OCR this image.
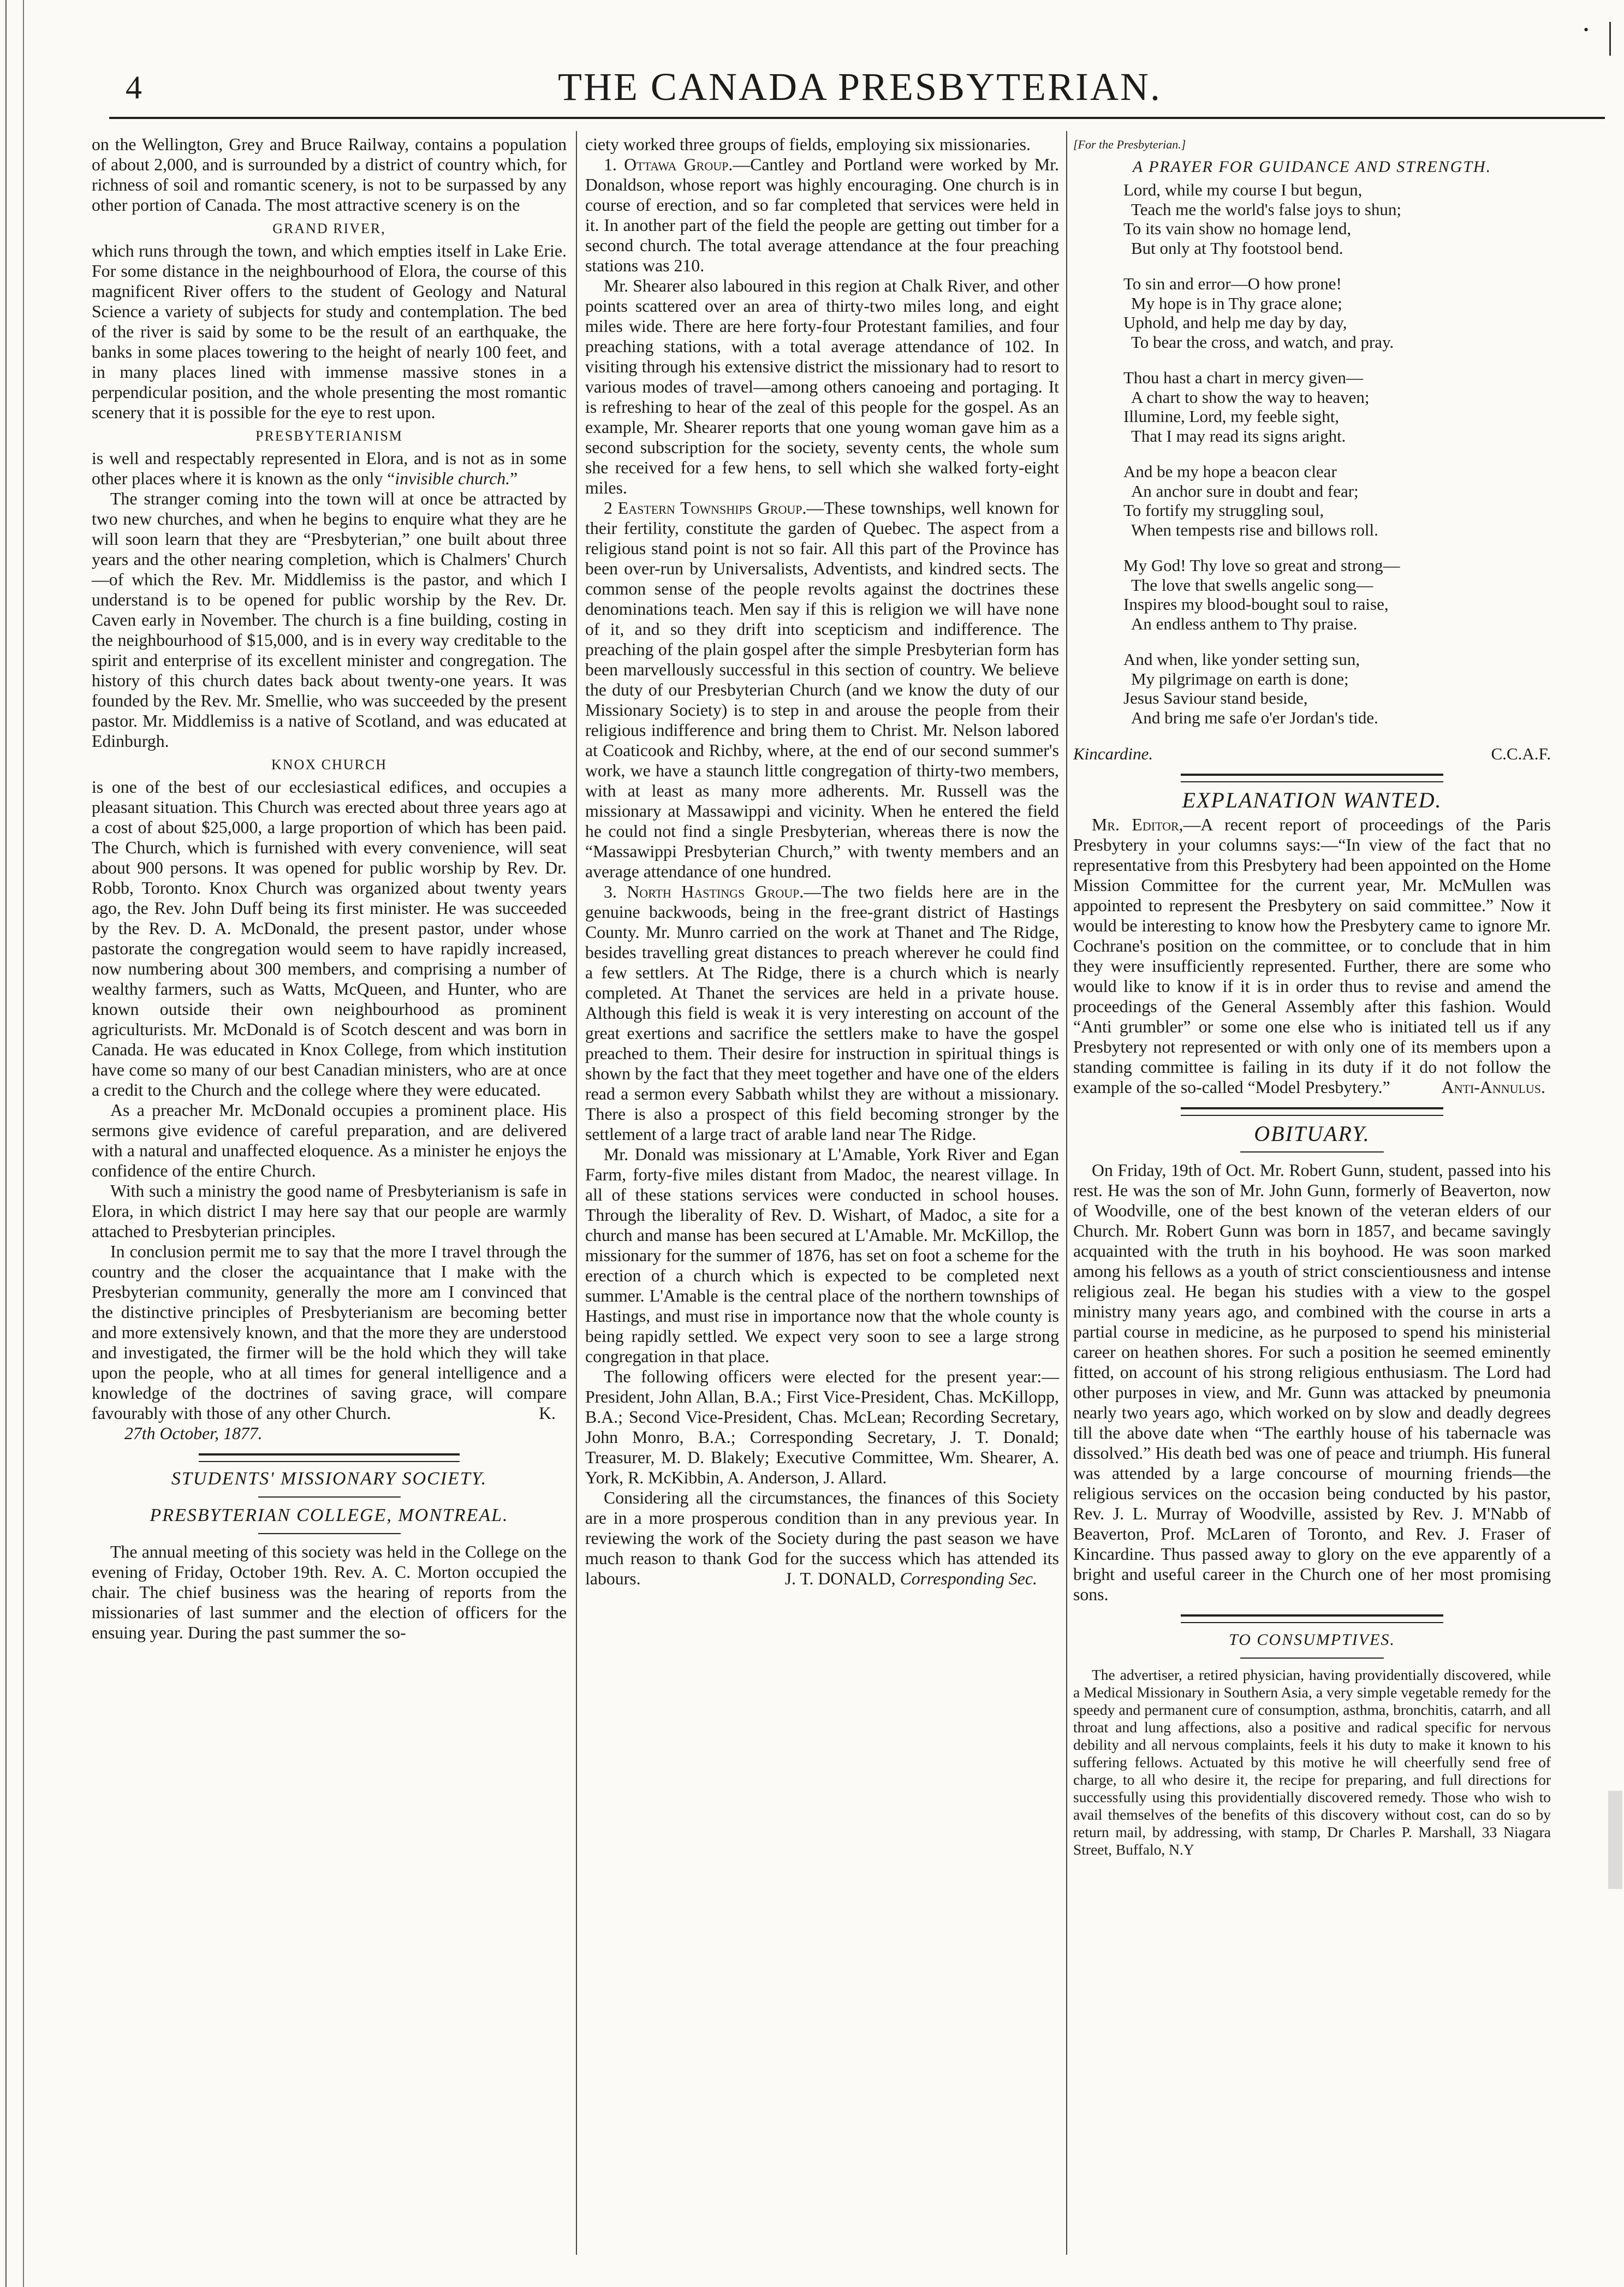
•
4	THE CANADA PRESBYTERIAN.

on the Wellington, Grey and Bruce Railway, contains a population of about 2,000, and is surrounded by a district of country which, for richness of soil and romantic scenery, is not to be surpassed by any other portion of Canada. The most attractive scenery is on the

GRAND RIVER,

which runs through the town, and which empties itself in Lake Erie. For some distance in the neighbourhood of Elora, the course of this magnificent River offers to the student of Geology and Natural Science a variety of subjects for study and contemplation. The bed of the river is said by some to be the result of an earthquake, the banks in some places towering to the height of nearly 100 feet, and in many places lined with immense massive stones in a perpendicular position, and the whole presenting the most romantic scenery that it is possible for the eye to rest upon.

PRESBYTERIANISM

is well and respectably represented in Elora, and is not as in some other places where it is known as the only “invisible church.”

The stranger coming into the town will at once be attracted by two new churches, and when he begins to enquire what they are he will soon learn that they are “Presbyterian,” one built about three years and the other nearing completion, which is Chalmers' Church—of which the Rev. Mr. Middlemiss is the pastor, and which I understand is to be opened for public worship by the Rev. Dr. Caven early in November. The church is a fine building, costing in the neighbourhood of $15,000, and is in every way creditable to the spirit and enterprise of its excellent minister and congregation. The history of this church dates back about twenty-one years. It was founded by the Rev. Mr. Smellie, who was succeeded by the present pastor. Mr. Middlemiss is a native of Scotland, and was educated at Edinburgh.

KNOX CHURCH

is one of the best of our ecclesiastical edifices, and occupies a pleasant situation. This Church was erected about three years ago at a cost of about $25,000, a large proportion of which has been paid. The Church, which is furnished with every convenience, will seat about 900 persons. It was opened for public worship by Rev. Dr. Robb, Toronto. Knox Church was organized about twenty years ago, the Rev. John Duff being its first minister. He was succeeded by the Rev. D. A. McDonald, the present pastor, under whose pastorate the congregation would seem to have rapidly increased, now numbering about 300 members, and comprising a number of wealthy farmers, such as Watts, McQueen, and Hunter, who are known outside their own neighbourhood as prominent agriculturists. Mr. McDonald is of Scotch descent and was born in Canada. He was educated in Knox College, from which institution have come so many of our best Canadian ministers, who are at once a credit to the Church and the college where they were educated.

As a preacher Mr. McDonald occupies a prominent place. His sermons give evidence of careful preparation, and are delivered with a natural and unaffected eloquence. As a minister he enjoys the confidence of the entire Church.

With such a ministry the good name of Presbyterianism is safe in Elora, in which district I may here say that our people are warmly attached to Presbyterian principles.

In conclusion permit me to say that the more I travel through the country and the closer the acquaintance that I make with the Presbyterian community, generally the more am I convinced that the distinctive principles of Presbyterianism are becoming better and more extensively known, and that the more they are understood and investigated, the firmer will be the hold which they will take upon the people, who at all times for general intelligence and a knowledge of the doctrines of saving grace, will compare favourably with those of any other Church.	K.

27th October, 1877.

STUDENTS' MISSIONARY SOCIETY.

PRESBYTERIAN COLLEGE, MONTREAL.

The annual meeting of this society was held in the College on the evening of Friday, October 19th. Rev. A. C. Morton occupied the chair. The chief business was the hearing of reports from the missionaries of last summer and the election of officers for the ensuing year. During the past summer the so-

ciety worked three groups of fields, employing six missionaries.

1. Ottawa Group.—Cantley and Portland were worked by Mr. Donaldson, whose report was highly encouraging. One church is in course of erection, and so far completed that services were held in it. In another part of the field the people are getting out timber for a second church. The total average attendance at the four preaching stations was 210.

Mr. Shearer also laboured in this region at Chalk River, and other points scattered over an area of thirty-two miles long, and eight miles wide. There are here forty-four Protestant families, and four preaching stations, with a total average attendance of 102. In visiting through his extensive district the missionary had to resort to various modes of travel—among others canoeing and portaging. It is refreshing to hear of the zeal of this people for the gospel. As an example, Mr. Shearer reports that one young woman gave him as a second subscription for the society, seventy cents, the whole sum she received for a few hens, to sell which she walked forty-eight miles.

2 Eastern Townships Group.—These townships, well known for their fertility, constitute the garden of Quebec. The aspect from a religious stand point is not so fair. All this part of the Province has been over-run by Universalists, Adventists, and kindred sects. The common sense of the people revolts against the doctrines these denominations teach. Men say if this is religion we will have none of it, and so they drift into scepticism and indifference. The preaching of the plain gospel after the simple Presbyterian form has been marvellously successful in this section of country. We believe the duty of our Presbyterian Church (and we know the duty of our Missionary Society) is to step in and arouse the people from their religious indifference and bring them to Christ. Mr. Nelson labored at Coaticook and Richby, where, at the end of our second summer's work, we have a staunch little congregation of thirty-two members, with at least as many more adherents. Mr. Russell was the missionary at Massawippi and vicinity. When he entered the field he could not find a single Presbyterian, whereas there is now the “Massawippi Presbyterian Church,” with twenty members and an average attendance of one hundred.

3. North Hastings Group.—The two fields here are in the genuine backwoods, being in the free-grant district of Hastings County. Mr. Munro carried on the work at Thanet and The Ridge, besides travelling great distances to preach wherever he could find a few settlers. At The Ridge, there is a church which is nearly completed. At Thanet the services are held in a private house. Although this field is weak it is very interesting on account of the great exertions and sacrifice the settlers make to have the gospel preached to them. Their desire for instruction in spiritual things is shown by the fact that they meet together and have one of the elders read a sermon every Sabbath whilst they are without a missionary. There is also a prospect of this field becoming stronger by the settlement of a large tract of arable land near The Ridge.

Mr. Donald was missionary at L'Amable, York River and Egan Farm, forty-five miles distant from Madoc, the nearest village. In all of these stations services were conducted in school houses. Through the liberality of Rev. D. Wishart, of Madoc, a site for a church and manse has been secured at L'Amable. Mr. McKillop, the missionary for the summer of 1876, has set on foot a scheme for the erection of a church which is expected to be completed next summer. L'Amable is the central place of the northern townships of Hastings, and must rise in importance now that the whole county is being rapidly settled. We expect very soon to see a large strong congregation in that place.

The following officers were elected for the present year:—President, John Allan, B.A.; First Vice-President, Chas. McKillopp, B.A.; Second Vice-President, Chas. McLean; Recording Secretary, John Monro, B.A.; Corresponding Secretary, J. T. Donald; Treasurer, M. D. Blakely; Executive Committee, Wm. Shearer, A. York, R. McKibbin, A. Anderson, J. Allard.

Considering all the circumstances, the finances of this Society are in a more prosperous condition than in any previous year. In reviewing the work of the Society during the past season we have much reason to thank God for the success which has attended its labours.	J. T. DONALD, Corresponding Sec.

[For the Presbyterian.]

A PRAYER FOR GUIDANCE AND STRENGTH.

Lord, while my course I but begun,
Teach me the world's false joys to shun;
To its vain show no homage lend,
But only at Thy footstool bend.
To sin and error—O how prone!
My hope is in Thy grace alone;
Uphold, and help me day by day,
To bear the cross, and watch, and pray.
Thou hast a chart in mercy given—
A chart to show the way to heaven;
Illumine, Lord, my feeble sight,
That I may read its signs aright.
And be my hope a beacon clear
An anchor sure in doubt and fear;
To fortify my struggling soul,
When tempests rise and billows roll.
My God! Thy love so great and strong—
The love that swells angelic song—
Inspires my blood-bought soul to raise,
An endless anthem to Thy praise.
And when, like yonder setting sun,
My pilgrimage on earth is done;
Jesus Saviour stand beside,
And bring me safe o'er Jordan's tide.
Kincardine.	C.C.A.F.

EXPLANATION WANTED.

Mr. Editor,—A recent report of proceedings of the Paris Presbytery in your columns says:—“In view of the fact that no representative from this Presbytery had been appointed on the Home Mission Committee for the current year, Mr. McMullen was appointed to represent the Presbytery on said committee.” Now it would be interesting to know how the Presbytery came to ignore Mr. Cochrane's position on the committee, or to conclude that in him they were insufficiently represented. Further, there are some who would like to know if it is in order thus to revise and amend the proceedings of the General Assembly after this fashion. Would “Anti grumbler” or some one else who is initiated tell us if any Presbytery not represented or with only one of its members upon a standing committee is failing in its duty if it do not follow the example of the so-called “Model Presbytery.”	Anti-Annulus.

OBITUARY.

On Friday, 19th of Oct. Mr. Robert Gunn, student, passed into his rest. He was the son of Mr. John Gunn, formerly of Beaverton, now of Woodville, one of the best known of the veteran elders of our Church. Mr. Robert Gunn was born in 1857, and became savingly acquainted with the truth in his boyhood. He was soon marked among his fellows as a youth of strict conscientiousness and intense religious zeal. He began his studies with a view to the gospel ministry many years ago, and combined with the course in arts a partial course in medicine, as he purposed to spend his ministerial career on heathen shores. For such a position he seemed eminently fitted, on account of his strong religious enthusiasm. The Lord had other purposes in view, and Mr. Gunn was attacked by pneumonia nearly two years ago, which worked on by slow and deadly degrees till the above date when “The earthly house of his tabernacle was dissolved.” His death bed was one of peace and triumph. His funeral was attended by a large concourse of mourning friends—the religious services on the occasion being conducted by his pastor, Rev. J. L. Murray of Woodville, assisted by Rev. J. M'Nabb of Beaverton, Prof. McLaren of Toronto, and Rev. J. Fraser of Kincardine. Thus passed away to glory on the eve apparently of a bright and useful career in the Church one of her most promising sons.

TO CONSUMPTIVES.

The advertiser, a retired physician, having providentially discovered, while a Medical Missionary in Southern Asia, a very simple vegetable remedy for the speedy and permanent cure of consumption, asthma, bronchitis, catarrh, and all throat and lung affections, also a positive and radical specific for nervous debility and all nervous complaints, feels it his duty to make it known to his suffering fellows. Actuated by this motive he will cheerfully send free of charge, to all who desire it, the recipe for preparing, and full directions for successfully using this providentially discovered remedy. Those who wish to avail themselves of the benefits of this discovery without cost, can do so by return mail, by addressing, with stamp, Dr Charles P. Marshall, 33 Niagara Street, Buffalo, N.Y
